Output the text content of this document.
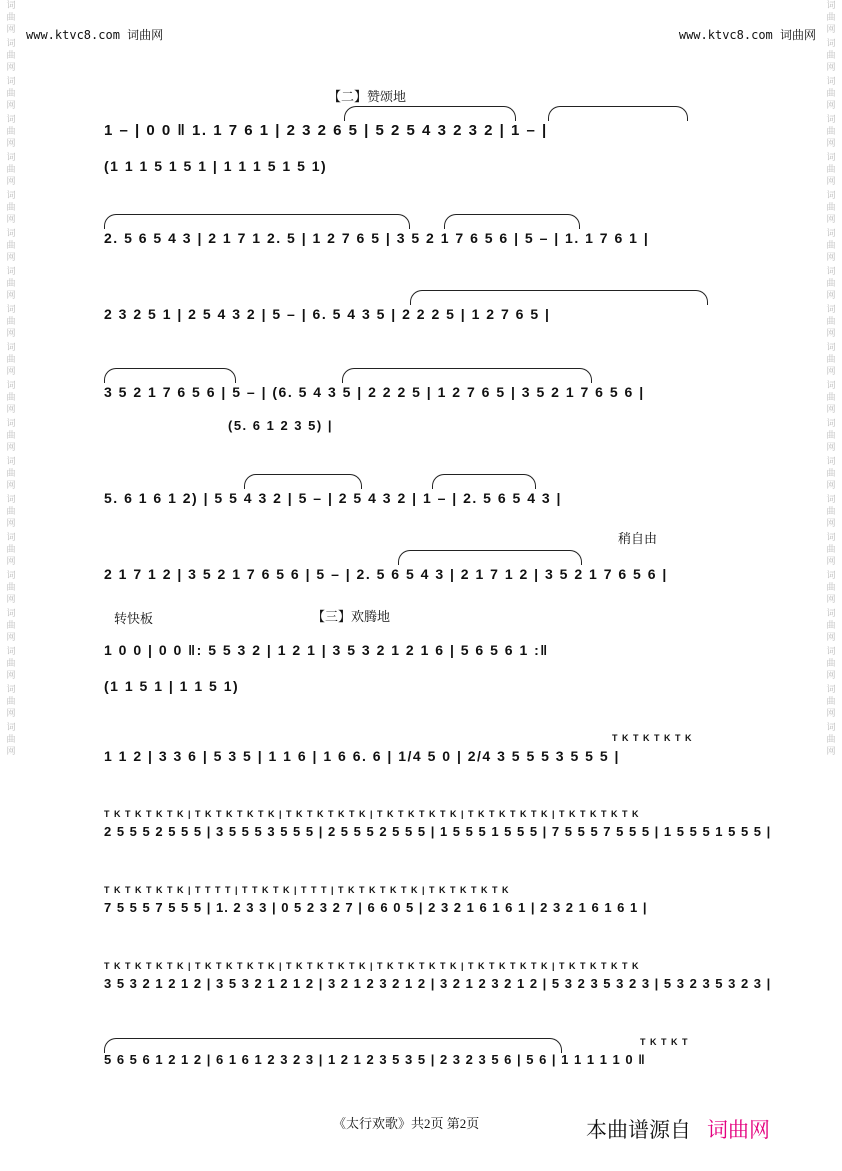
www.ktvc8.com 词曲网	www.ktvc8.com 词曲网
词曲网
词曲网
词曲网
词曲网
词曲网
词曲网
词曲网
词曲网
词曲网
词曲网
词曲网
词曲网
词曲网
词曲网
词曲网
词曲网
词曲网
词曲网
词曲网
词曲网
词曲网
词曲网
词曲网
词曲网
词曲网
词曲网
词曲网
词曲网
词曲网
词曲网
词曲网
词曲网
词曲网
词曲网
词曲网
词曲网
词曲网
词曲网
词曲网
词曲网
【二】赞颂地
1 – | 0 0 ‖ 1. 1 7 6 1 | 2 3 2 6 5 | 5 2 5 4 3 2 3 2 | 1 – |
(1 1 1 5 1 5 1 | 1 1 1 5 1 5 1)
2. 5 6 5 4 3 | 2 1 7 1 2. 5 | 1 2 7 6 5 | 3 5 2 1 7 6 5 6 | 5 – | 1. 1 7 6 1 |
2 3 2 5 1 | 2 5 4 3 2 | 5 – | 6. 5 4 3 5 | 2 2 2 5 | 1 2 7 6 5 |
3 5 2 1 7 6 5 6 | 5 – | (6. 5 4 3 5 | 2 2 2 5 | 1 2 7 6 5 | 3 5 2 1 7 6 5 6 |
(5. 6 1 2 3 5) |
5. 6 1 6 1 2) | 5 5 4 3 2 | 5 – | 2 5 4 3 2 | 1 – | 2. 5 6 5 4 3 |
稍自由
2 1 7 1 2 | 3 5 2 1 7 6 5 6 | 5 – | 2. 5 6 5 4 3 | 2 1 7 1 2 | 3 5 2 1 7 6 5 6 |
转快板	【三】欢腾地
1 0 0 | 0 0 ‖: 5 5 3 2 | 1 2 1 | 3 5 3 2 1 2 1 6 | 5 6 5 6 1 :‖
(1 1 5 1 | 1 1 5 1)
T K T K T K T K
1 1 2 | 3 3 6 | 5 3 5 | 1 1 6 | 1 6 6. 6 | 1/4 5 0 | 2/4 3 5 5 5 3 5 5 5 |
T K T K T K T K | T K T K T K T K | T K T K T K T K | T K T K T K T K | T K T K T K T K | T K T K T K T K
2 5 5 5 2 5 5 5 | 3 5 5 5 3 5 5 5 | 2 5 5 5 2 5 5 5 | 1 5 5 5 1 5 5 5 | 7 5 5 5 7 5 5 5 | 1 5 5 5 1 5 5 5 |
T K T K T K T K | T T T T | T T K T K | T T T | T K T K T K T K | T K T K T K T K
7 5 5 5 7 5 5 5 | 1. 2 3 3 | 0 5 2 3 2 7 | 6 6 0 5 | 2 3 2 1 6 1 6 1 | 2 3 2 1 6 1 6 1 |
T K T K T K T K | T K T K T K T K | T K T K T K T K | T K T K T K T K | T K T K T K T K | T K T K T K T K
3 5 3 2 1 2 1 2 | 3 5 3 2 1 2 1 2 | 3 2 1 2 3 2 1 2 | 3 2 1 2 3 2 1 2 | 5 3 2 3 5 3 2 3 | 5 3 2 3 5 3 2 3 |
T K T K T
5 6 5 6 1 2 1 2 | 6 1 6 1 2 3 2 3 | 1 2 1 2 3 5 3 5 | 2 3 2 3 5 6 | 5 6 | 1 1 1 1 1 0 ‖
《太行欢歌》共2页 第2页	本曲谱源自 词曲网
